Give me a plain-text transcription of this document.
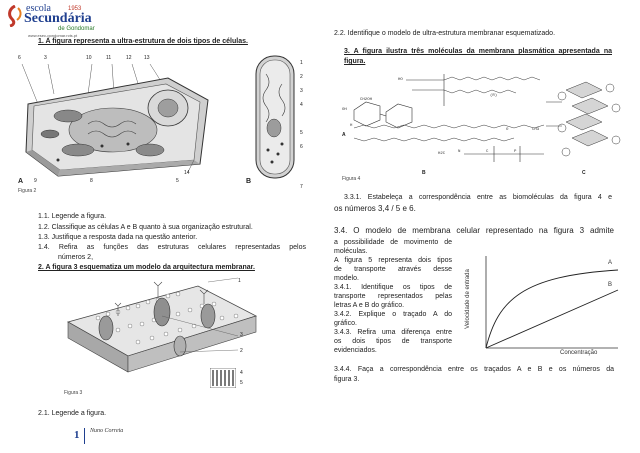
escola	1953
Secundária
de Gondomar
www.esec-gondomar.rcts.pt
1. A figura representa a ultra-estrutura de dois tipos de células.
6	3	10	11	12 13
A 9	8	5
14
Figura 2
1
2
3
4
5
6
7
B
1.1. Legende a figura.
1.2. Classifique as células A e B quanto à sua organização estrutural.
1.3. Justifique a resposta dada na questão anterior.
1.4. Refira as funções das estruturas celulares representadas pelos
números 2,
2. A figura 3 esquematiza um modelo da arquitectura membranar.
1
2
3
4
5
Figura 3
2.1. Legende a figura.
1 Nuno Correia
2.2. Identifique o modelo de ultra-estrutura membranar esquematizado.
3. A figura ilustra três moléculas da membrana plasmática apresentada na
figura.
HO
CH2OH
OH
H
O	CH3
H2C
(R)
N	P
C
A
B	C
Figura 4
3.3.1. Estabeleça a correspondência entre as biomoléculas da figura 4 e
os números 3,4 / 5 e 6.
3.4. O modelo de membrana celular representado na figura 3 admite
a possibilidade de movimento de
moléculas.
A figura 5 representa dois tipos
de transporte através desse
modelo.
3.4.1. Identifique os tipos de
transporte representados pelas
letras A e B do gráfico.
3.4.2. Explique o traçado A do
gráfico.
3.4.3. Refira uma diferença entre
os dois tipos de transporte
evidenciados.
Velocidade de entrada
Concentração
A
B
3.4.4. Faça a correspondência entre os traçados A e B e os números da
figura 3.
